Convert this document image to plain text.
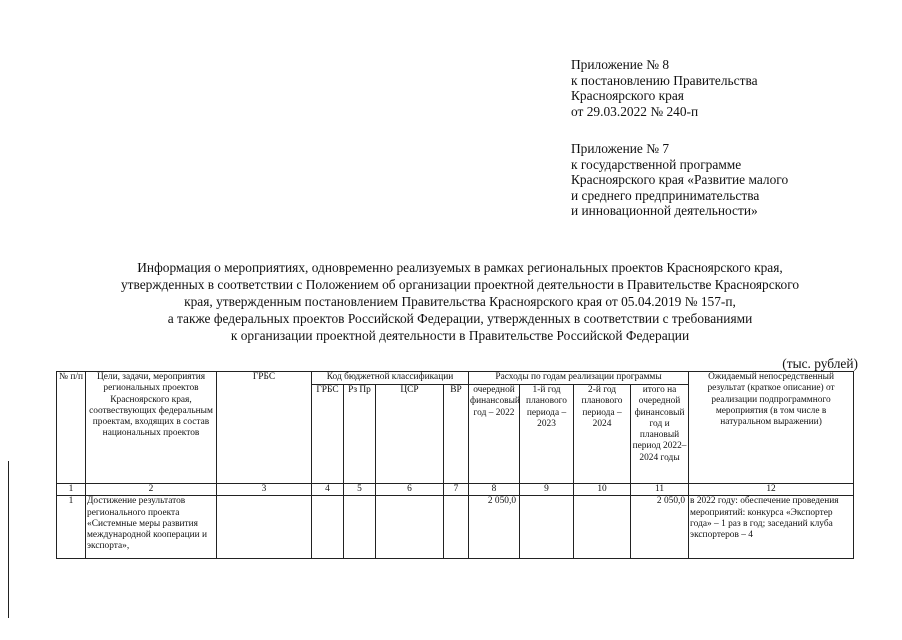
Приложение № 8
к постановлению Правительства
Красноярского края
от 29.03.2022 № 240-п
Приложение № 7
к государственной программе
Красноярского края «Развитие малого
и среднего предпринимательства
и инновационной деятельности»
Информация о мероприятиях, одновременно реализуемых в рамках региональных проектов Красноярского края,
утвержденных в соответствии с Положением об организации проектной деятельности в Правительстве Красноярского
края, утвержденным постановлением Правительства Красноярского края от 05.04.2019 № 157-п,
а также федеральных проектов Российской Федерации, утвержденных в соответствии с требованиями
к организации проектной деятельности в Правительстве Российской Федерации
(тыс. рублей)
№ п/п	Цели, задачи, мероприятия региональных проектов Красноярского края, соотвествующих федеральным проектам, входящих в состав национальных проектов	ГРБС	Код бюджетной классификации				Расходы по годам реализации программы				Ожидаемый непосредственный результат (краткое описание) от реализации подпрограммного мероприятия (в том числе в натуральном выражении)
			ГРБС	Рз Пр	ЦСР	ВР	очередной финансовый год – 2022	1-й год планового периода – 2023	2-й год планового периода – 2024	итого на очередной финансовый год и плановый период 2022–2024 годы	
1	2	3	4	5	6	7	8	9	10	11	12
1	Достижение результатов регионального проекта «Системные меры развития международной кооперации и экспорта»,						2 050,0			2 050,0	в 2022 году: обеспечение проведения мероприятий: конкурса «Экспортер года» – 1 раз в год; заседаний клуба экспортеров – 4
